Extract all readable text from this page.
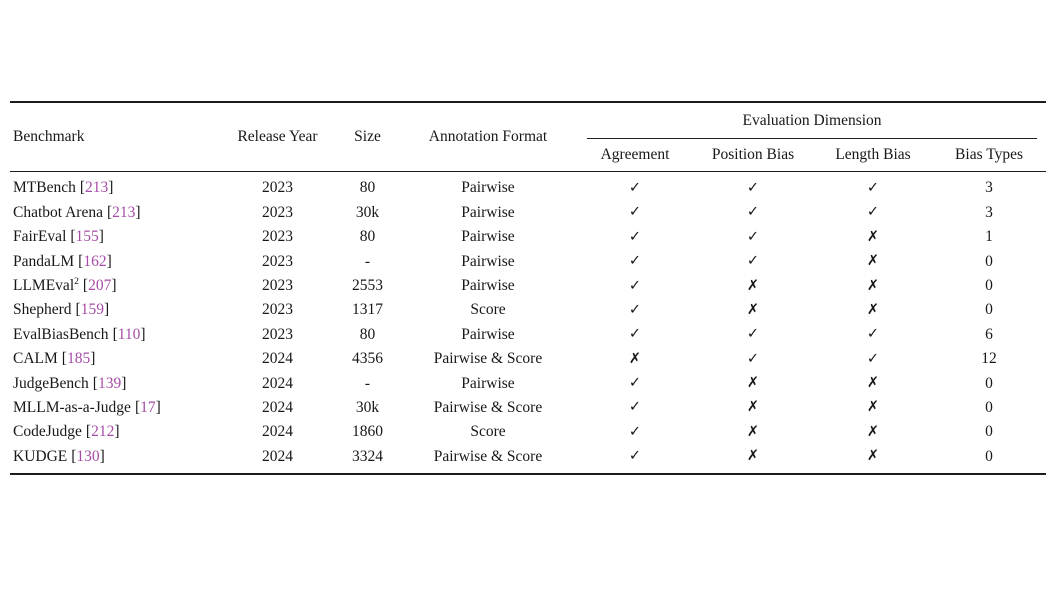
Benchmark	Release Year	Size	Annotation Format	Evaluation Dimension			

				Agreement	Position Bias	Length Bias	Bias Types
MTBench [213]	2023	80	Pairwise	✓	✓	✓	3
Chatbot Arena [213]	2023	30k	Pairwise	✓	✓	✓	3
FairEval [155]	2023	80	Pairwise	✓	✓	✗	1
PandaLM [162]	2023	-	Pairwise	✓	✓	✗	0
LLMEval$^2$ [207]	2023	2553	Pairwise	✓	✗	✗	0
Shepherd [159]	2023	1317	Score	✓	✗	✗	0
EvalBiasBench [110]	2023	80	Pairwise	✓	✓	✓	6
CALM [185]	2024	4356	Pairwise & Score	✗	✓	✓	12
JudgeBench [139]	2024	-	Pairwise	✓	✗	✗	0
MLLM-as-a-Judge [17]	2024	30k	Pairwise & Score	✓	✗	✗	0
CodeJudge [212]	2024	1860	Score	✓	✗	✗	0
KUDGE [130]	2024	3324	Pairwise & Score	✓	✗	✗	0
